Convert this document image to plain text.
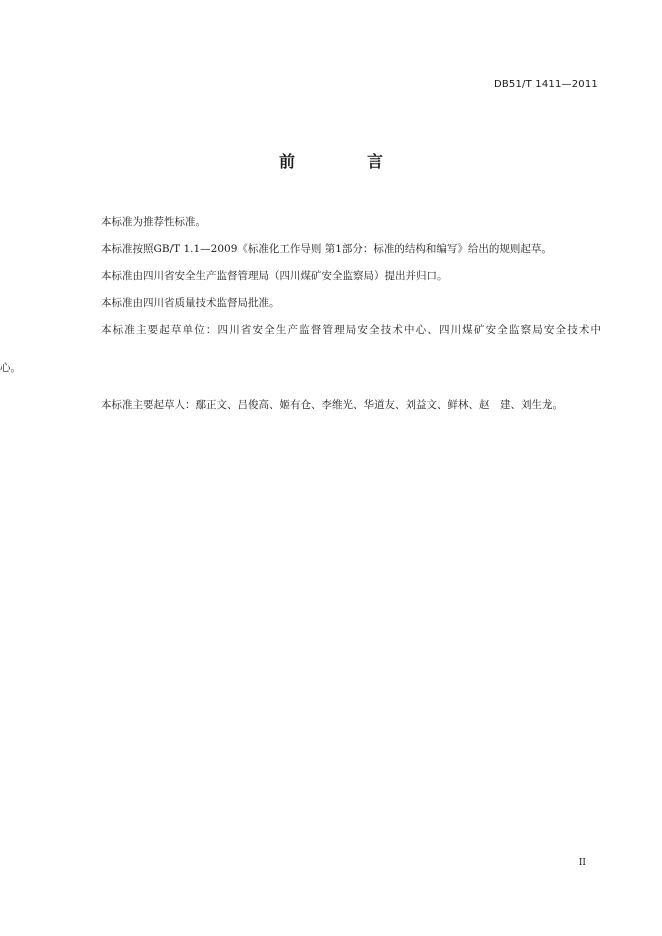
DB51/T 1411—2011
前　言

本标准为推荐性标准。

本标准按照GB/T 1.1—2009《标准化工作导则 第1部分：标准的结构和编写》给出的规则起草。

本标准由四川省安全生产监督管理局（四川煤矿安全监察局）提出并归口。

本标准由四川省质量技术监督局批准。

本标准主要起草单位：四川省安全生产监督管理局安全技术中心、四川煤矿安全监察局安全技术中

心。

本标准主要起草人：鄢正文、吕俊高、姬有仓、李维光、华道友、刘益文、鲜林、赵　建、刘生龙。

II
